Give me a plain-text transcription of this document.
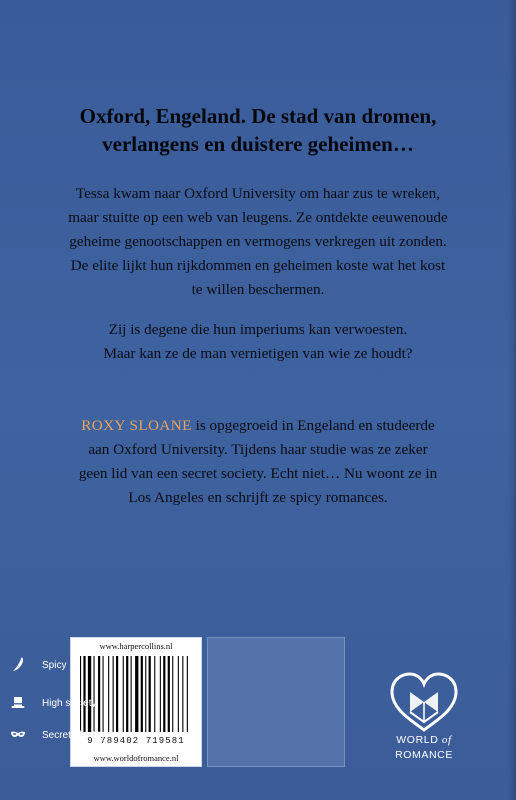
Oxford, Engeland. De stad van dromen,
verlangens en duistere geheimen…
Tessa kwam naar Oxford University om haar zus te wreken,
maar stuitte op een web van leugens. Ze ontdekte eeuwenoude
geheime genootschappen en vermogens verkregen uit zonden.
De elite lijkt hun rijkdommen en geheimen koste wat het kost
te willen beschermen.
Zij is degene die hun imperiums kan verwoesten.
Maar kan ze de man vernietigen van wie ze houdt?
ROXY SLOANE is opgegroeid in Engeland en studeerde
aan Oxford University. Tijdens haar studie was ze zeker
geen lid van een secret society. Echt niet… Nu woont ze in
Los Angeles en schrijft ze spicy romances.
www.harpercollins.nl
9 789402 719581
www.worldofromance.nl
Spicy
High society
Secret identity	WORLD of
ROMANCE
